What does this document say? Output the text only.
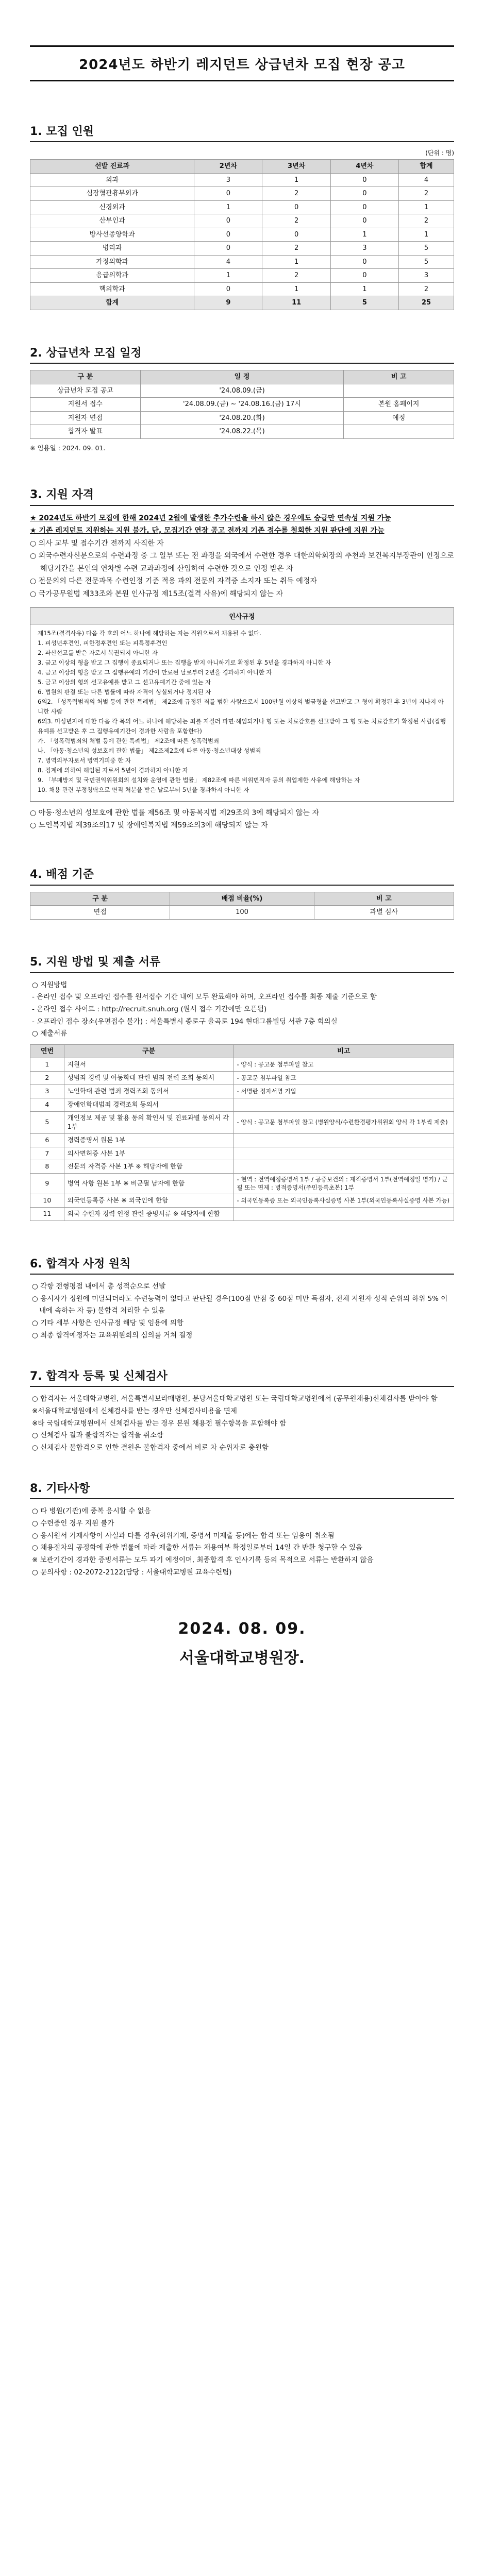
2024년도 하반기 레지던트 상급년차 모집 현장 공고
1. 모집 인원
(단위 : 명)
선발 진료과	2년차	3년차	4년차	합계
외과	3	1	0	4
심장혈관흉부외과	0	2	0	2
신경외과	1	0	0	1
산부인과	0	2	0	2
방사선종양학과	0	0	1	1
병리과	0	2	3	5
가정의학과	4	1	0	5
응급의학과	1	2	0	3
핵의학과	0	1	1	2
합계	9	11	5	25
2. 상급년차 모집 일정
구 분	일 정	비 고
상급년차 모집 공고	'24.08.09.(금)	
지원서 접수	'24.08.09.(금) ~ '24.08.16.(금) 17시	본원 홈페이지
지원자 면접	'24.08.20.(화)	예정
합격자 발표	'24.08.22.(목)	
※ 임용일 : 2024. 09. 01.
3. 지원 자격

★ 2024년도 하반기 모집에 한해 2024년 2월에 발생한 추가수련을 하시 않은 경우에도 승급만 연속성 지원 가능

★ 기존 레지던트 지원하는 지원 불가. 단, 모집기간 연장 공고 전까지 기존 접수를 철회한 지원 판단에 지원 가능

○ 의사 교부 및 접수기간 전까지 사직한 자

○ 외국수련자신분으로의 수련과정 중 그 일부 또는 전 과정을 외국에서 수련한 경우 대한의학회장의 추천과 보건복지부장관이 인정으로 해당기간을 본인의 연차별 수련 교과과정에 산입하여 수련한 것으로 인정 받은 자

○ 전문의의 다른 전문과목 수련인정 기준 적용 과의 전문의 자격증 소지자 또는 취득 예정자

○ 국가공무원법 제33조와 본원 인사규정 제15조(결격 사유)에 해당되지 않는 자

인사규정

제15조(결격사유) 다음 각 호의 어느 하나에 해당하는 자는 직원으로서 채용될 수 없다.

1. 피성년후견인, 피한정후견인 또는 피특정후견인

2. 파산선고를 받은 자로서 복권되지 아니한 자

3. 금고 이상의 형을 받고 그 집행이 종료되거나 또는 집행을 받지 아니하기로 확정된 후 5년을 경과하지 아니한 자

4. 금고 이상의 형을 받고 그 집행유예의 기간이 만료된 날로부터 2년을 경과하지 아니한 자

5. 금고 이상의 형의 선고유예를 받고 그 선고유예기간 중에 있는 자

6. 법원의 판결 또는 다른 법률에 따라 자격이 상실되거나 정지된 자

6의2. 「성폭력범죄의 처벌 등에 관한 특례법」 제2조에 규정된 죄를 범한 사람으로서 100만원 이상의 벌금형을 선고받고 그 형이 확정된 후 3년이 지나지 아니한 사람

6의3. 미성년자에 대한 다음 각 목의 어느 하나에 해당하는 죄를 저질러 파면·해임되거나 형 또는 치료감호를 선고받아 그 형 또는 치료감호가 확정된 사람(집행유예를 선고받은 후 그 집행유예기간이 경과한 사람을 포함한다)

가. 「성폭력범죄의 처벌 등에 관한 특례법」 제2조에 따른 성폭력범죄

나. 「아동·청소년의 성보호에 관한 법률」 제2조제2호에 따른 아동·청소년대상 성범죄

7. 병역의무자로서 병역기피중 한 자

8. 징계에 의하여 해임된 자로서 5년이 경과하지 아니한 자

9. 「부패방지 및 국민권익위원회의 설치와 운영에 관한 법률」 제82조에 따른 비위면직자 등의 취업제한 사유에 해당하는 자

10. 채용 관련 부정청탁으로 면직 처분을 받은 날로부터 5년을 경과하지 아니한 자

○ 아동·청소년의 성보호에 관한 법률 제56조 및 아동복지법 제29조의 3에 해당되지 않는 자

○ 노인복지법 제39조의17 및 장애인복지법 제59조의3에 해당되지 않는 자

4. 배점 기준
구 분	배점 비율(%)	비 고
면접	100	과별 심사
5. 지원 방법 및 제출 서류

○ 지원방법

- 온라인 접수 및 오프라인 접수를 원서접수 기간 내에 모두 완료해야 하며, 오프라인 접수를 최종 제출 기준으로 함

- 온라인 접수 사이트 : http://recruit.snuh.org (원서 접수 기간에만 오픈됨)

- 오프라인 접수 장소(우편접수 불가) : 서울특별시 종로구 율곡로 194 현대그룹빌딩 서관 7층 회의실

○ 제출서류

연번	구분	비고
1	지원서	- 양식 : 공고문 첨부파일 참고
2	성범죄 경력 및 아동학대 관련 범죄 전력 조회 동의서	- 공고문 첨부파일 참고
3	노인학대 관련 범죄 경력조회 동의서	- 서명란 정자서명 기입
4	장애인학대범죄 경력조회 동의서	
5	개인정보 제공 및 활용 동의 확인서 및 진료과별 동의서 각 1부	- 양식 : 공고문 첨부파일 참고 (병원양식/수련환경평가위원회 양식 각 1부씩 제출)
6	경력증명서 원본 1부	
7	의사면허증 사본 1부	
8	전문의 자격증 사본 1부 ※ 해당자에 한함	
9	병역 사항 원본 1부 ※ 비군필 남자에 한함	- 현역 : 전역예정증명서 1부 / 공중보건의 : 재직증명서 1부(전역예정일 명기) / 군필 또는 면제 : 병적증명서(주민등록초본) 1부
10	외국인등록증 사본 ※ 외국인에 한함	- 외국인등록증 또는 외국인등록사실증명 사본 1부(외국인등록사실증명 사본 가능)
11	외국 수련자 경력 인정 관련 증빙서류 ※ 해당자에 한함	
6. 합격자 사정 원칙

○ 각항 전형평점 내에서 총 성적순으로 선발

○ 응시자가 정원에 미달되더라도 수련능력이 없다고 판단될 경우(100점 만점 중 60점 미만 득점자, 전체 지원자 성적 순위의 하위 5% 이내에 속하는 자 등) 불합격 처리할 수 있음

○ 기타 세부 사항은 인사규정 해당 및 임용에 의함

○ 최종 합격예정자는 교육위원회의 심의를 거쳐 결정

7. 합격자 등록 및 신체검사

○ 합격자는 서울대학교병원, 서울특별시보라매병원, 분당서울대학교병원 또는 국립대학교병원에서 (공무원채용)신체검사를 받아야 함

※서울대학교병원에서 신체검사를 받는 경우만 신체검사비용을 면제

※타 국립대학교병원에서 신체검사를 받는 경우 본원 채용전 필수항목을 포함해야 함

○ 신체검사 결과 불합격자는 합격을 취소함

○ 신체검사 불합격으로 인한 결원은 불합격자 중에서 비로 차 순위자로 충원함

8. 기타사항

○ 타 병원(기관)에 중복 응시할 수 없음

○ 수련중인 경우 지원 불가

○ 응시원서 기재사항이 사실과 다를 경우(허위기재, 증명서 미제출 등)에는 합격 또는 임용이 취소됨

○ 채용절차의 공정화에 관한 법률에 따라 제출한 서류는 채용여부 확정일로부터 14일 간 반환 청구할 수 있음

※ 보관기간이 경과한 증빙서류는 모두 파기 예정이며, 최종합격 후 인사기록 등의 목적으로 서류는 반환하지 않음

○ 문의사항 : 02-2072-2122(담당 : 서울대학교병원 교육수련팀)

2024. 08. 09.
서울대학교병원장.
